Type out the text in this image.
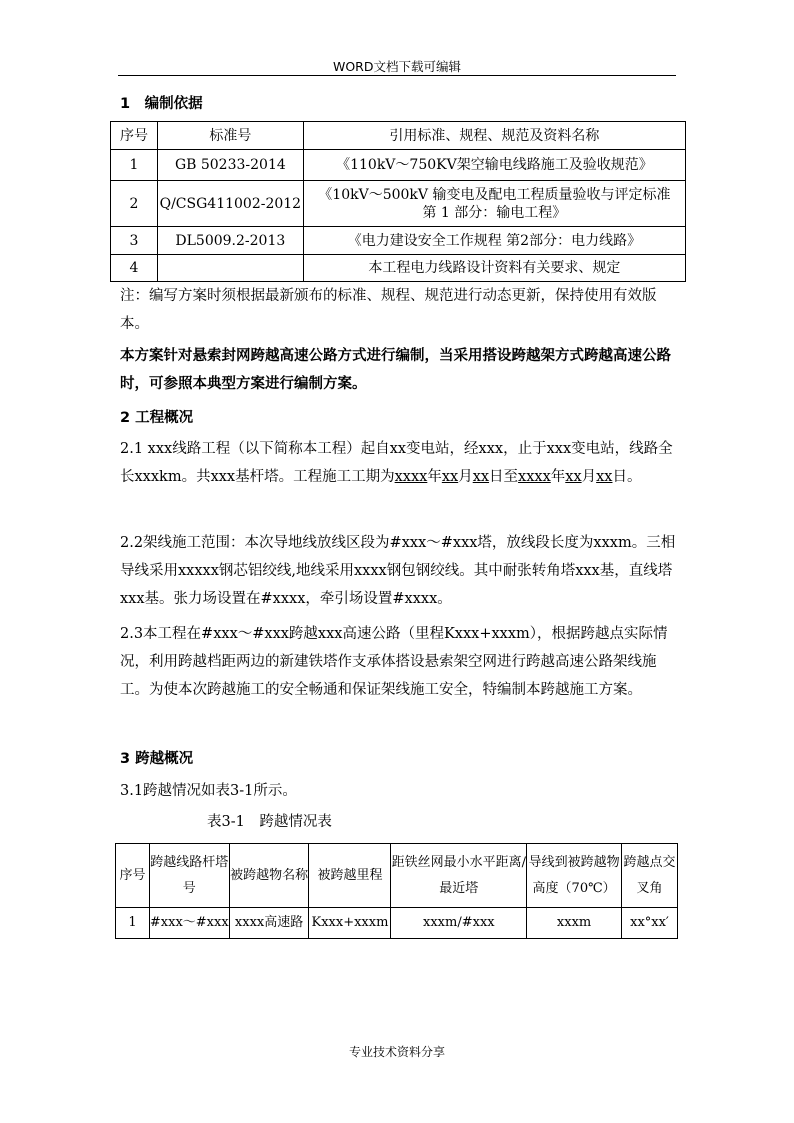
WORD文档下载可编辑
1　编制依据
序号	标准号	引用标准、规程、规范及资料名称
1	GB 50233-2014	《110kV～750KV架空输电线路施工及验收规范》
2	Q/CSG411002-2012	《10kV～500kV 输变电及配电工程质量验收与评定标准 第 1 部分：输电工程》
3	DL5009.2-2013	《电力建设安全工作规程 第2部分：电力线路》
4		本工程电力线路设计资料有关要求、规定

注：编写方案时须根据最新颁布的标准、规程、规范进行动态更新，保持使用有效版本。

本方案针对悬索封网跨越高速公路方式进行编制，当采用搭设跨越架方式跨越高速公路时，可参照本典型方案进行编制方案。

2 工程概况

2.1 xxx线路工程（以下简称本工程）起自xx变电站，经xxx，止于xxx变电站，线路全长xxxkm。共xxx基杆塔。工程施工工期为xxxx年xx月xx日至xxxx年xx月xx日。

2.2架线施工范围：本次导地线放线区段为#xxx～#xxx塔，放线段长度为xxxm。三相导线采用xxxxx钢芯铝绞线,地线采用xxxx钢包钢绞线。其中耐张转角塔xxx基，直线塔xxx基。张力场设置在#xxxx，牵引场设置#xxxx。

2.3本工程在#xxx～#xxx跨越xxx高速公路（里程Kxxx+xxxm），根据跨越点实际情况，利用跨越档距两边的新建铁塔作支承体搭设悬索架空网进行跨越高速公路架线施工。为使本次跨越施工的安全畅通和保证架线施工安全，特编制本跨越施工方案。

3 跨越概况

3.1跨越情况如表3-1所示。

表3-1　跨越情况表
序号	跨越线路杆塔号	被跨越物名称	被跨越里程	距铁丝网最小水平距离/最近塔	导线到被跨越物高度（70℃）	跨越点交叉角
1	#xxx～#xxx	xxxx高速路	Kxxx+xxxm	xxxm/#xxx	xxxm	xx°xx′
专业技术资料分享
